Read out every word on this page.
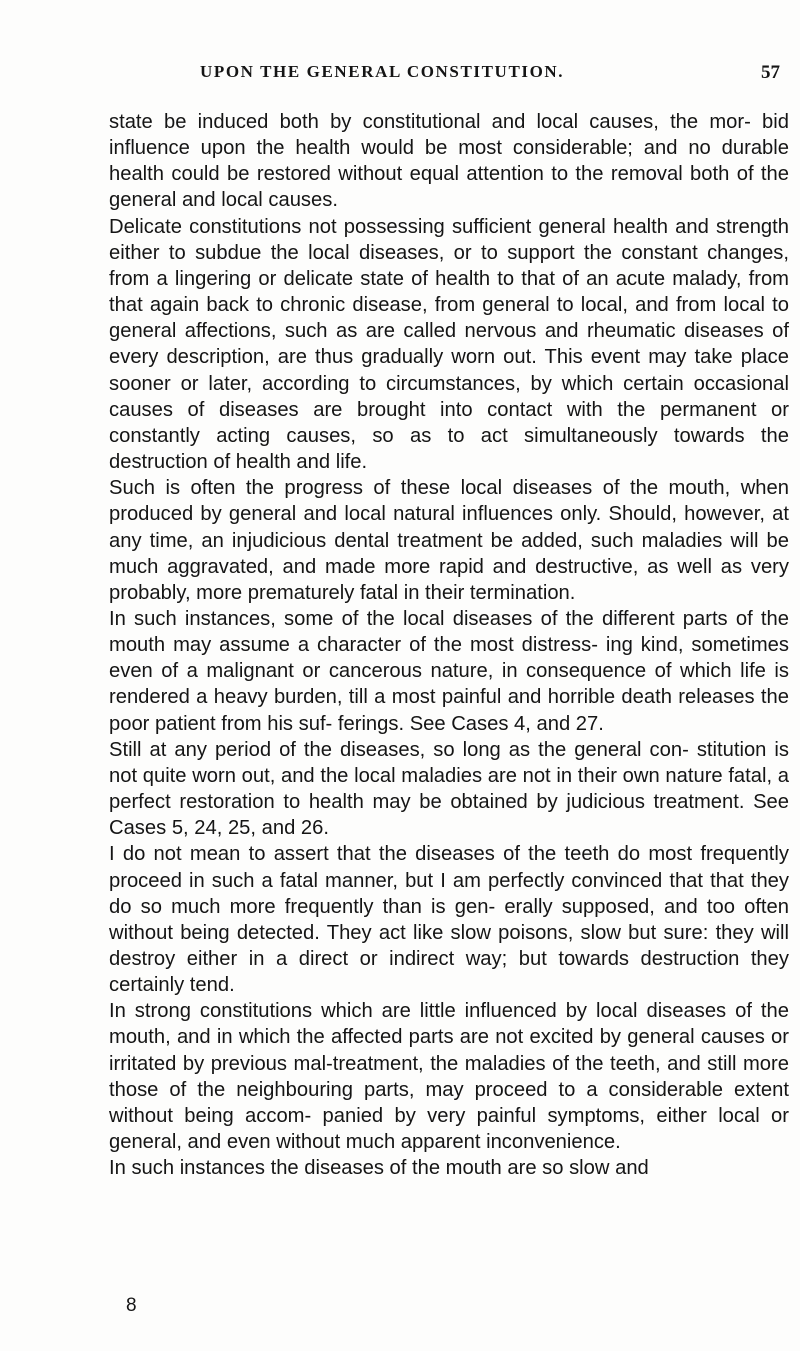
UPON THE GENERAL CONSTITUTION.	57

state be induced both by constitutional and local causes, the mor- bid influence upon the health would be most considerable; and no durable health could be restored without equal attention to the removal both of the general and local causes.

Delicate constitutions not possessing sufficient general health and strength either to subdue the local diseases, or to support the constant changes, from a lingering or delicate state of health to that of an acute malady, from that again back to chronic disease, from general to local, and from local to general affections, such as are called nervous and rheumatic diseases of every description, are thus gradually worn out. This event may take place sooner or later, according to circumstances, by which certain occasional causes of diseases are brought into contact with the permanent or constantly acting causes, so as to act simultaneously towards the destruction of health and life.

Such is often the progress of these local diseases of the mouth, when produced by general and local natural influences only. Should, however, at any time, an injudicious dental treatment be added, such maladies will be much aggravated, and made more rapid and destructive, as well as very probably, more prematurely fatal in their termination.

In such instances, some of the local diseases of the different parts of the mouth may assume a character of the most distress- ing kind, sometimes even of a malignant or cancerous nature, in consequence of which life is rendered a heavy burden, till a most painful and horrible death releases the poor patient from his suf- ferings. See Cases 4, and 27.

Still at any period of the diseases, so long as the general con- stitution is not quite worn out, and the local maladies are not in their own nature fatal, a perfect restoration to health may be obtained by judicious treatment. See Cases 5, 24, 25, and 26.

I do not mean to assert that the diseases of the teeth do most frequently proceed in such a fatal manner, but I am perfectly convinced that that they do so much more frequently than is gen- erally supposed, and too often without being detected. They act like slow poisons, slow but sure: they will destroy either in a direct or indirect way; but towards destruction they certainly tend.

In strong constitutions which are little influenced by local diseases of the mouth, and in which the affected parts are not excited by general causes or irritated by previous mal-treatment, the maladies of the teeth, and still more those of the neighbouring parts, may proceed to a considerable extent without being accom- panied by very painful symptoms, either local or general, and even without much apparent inconvenience.

In such instances the diseases of the mouth are so slow and

8
